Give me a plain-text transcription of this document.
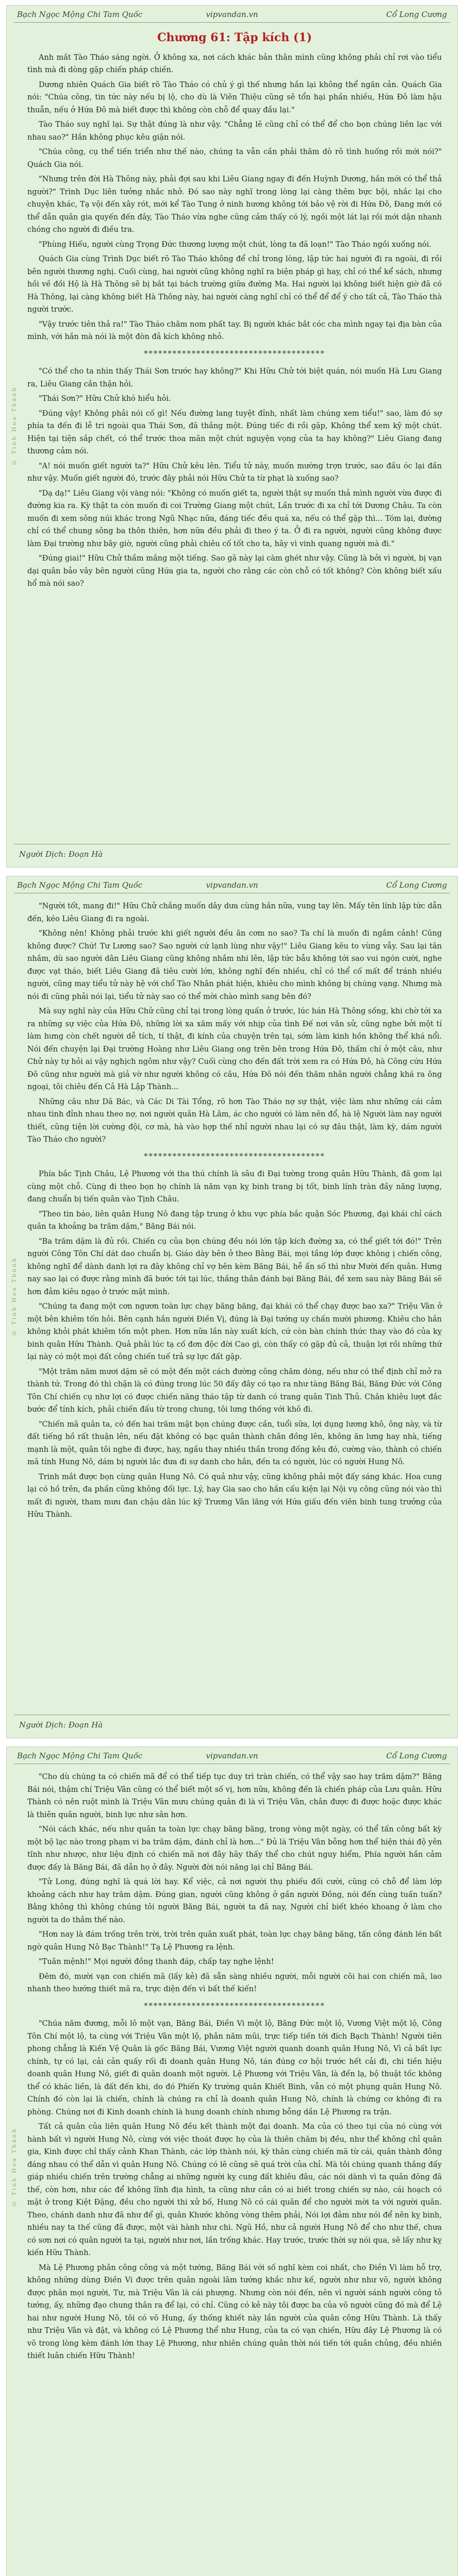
Bạch Ngọc Mộng Chi Tam Quốc	vipvandan.vn	Cổ Long Cương
© Tinh Hoa Thành
Chương 61: Tập kích (1)

Anh mắt Tào Tháo sáng ngời. Ở không xa, nơi cách khác bản thân mình cũng không phải chỉ rơi vào tiểu tình mà đi dòng gặp chiến pháp chiến.

Dương nhiên Quách Gia biết rõ Tào Tháo có chủ ý gì thế nhưng hắn lại không thể ngăn cản. Quách Gia nói: "Chúa công, tin tức này nếu bị lộ, cho dù là Viên Thiệu cũng sẽ tổn hại phần nhiều, Hứa Đô làm hậu thuẫn, nếu ở Hứa Đô mà biết được thì không còn chỗ để quay đầu lại."

Tào Tháo suy nghĩ lại. Sự thật đúng là như vậy. "Chẳng lẽ cũng chỉ có thể để cho bọn chúng liên lạc với nhau sao?" Hắn không phục kêu giận nói.

"Chúa công, cụ thể tiến triển như thế nào, chúng ta vẫn cần phải thăm dò rõ tình huống rồi mới nói?" Quách Gia nói.

"Nhưng trên đời Hà Thông này, phải đợi sau khi Liêu Giang ngay đi đến Huỳnh Dương, hắn mới có thể thả người?" Trình Dục liên tưởng nhắc nhở. Đó sao này nghĩ trong lòng lại càng thêm bực bội, nhắc lại cho chuyện khác, Tạ vội đến xây rót, mới kể Tào Tung ở ninh hương không tới bảo vệ rời đi Hứa Đô, Đang mới có thể dẫn quân gia quyến đến đây, Tào Tháo vừa nghe cũng cảm thấy có lý, ngồi một lát lại rồi mới dặn nhanh chóng cho người đi điều tra.

"Phùng Hiếu, người cùng Trọng Đức thương lượng một chút, lòng ta đã loạn!" Tào Tháo ngồi xuống nói.

Quách Gia cùng Trình Dục biết rõ Tào Tháo không để chỉ trong lòng, lập tức hai người đi ra ngoài, đi rồi bên người thương nghị. Cuối cùng, hai người cũng không nghĩ ra biện pháp gì hay, chỉ có thể kể sách, nhưng hồi về đồi Hộ là Hà Thông sẽ bị bắt tại bách trường giữa đường Ma. Hai người lại không biết hiện giờ đã có Hà Thông, lại càng không biết Hà Thông này, hai người càng nghĩ chỉ có thể để để ý cho tất cả, Tào Tháo thà người trước.

"Vậy trước tiên thả ra!" Tào Tháo chăm nom phất tay. Bị người khác bắt cóc cha mình ngay tại địa bàn của mình, với hắn mà nói là một đòn đả kích không nhỏ.

**************************************

"Có thể cho ta nhìn thấy Thái Sơn trước hay không?" Khi Hữu Chử tới biệt quán, nói muốn Hà Lưu Giang ra, Liêu Giang cắn thận hỏi.

"Thái Sơn?" Hữu Chử khó hiểu hỏi.

"Đúng vậy! Không phải nói cố gì! Nếu đường lang tuyệt đỉnh, nhất làm chúng xem tiểu!" sao, làm đó sợ phía ta đến đi lễ tri ngoài qua Thái Sơn, đã thắng một. Đúng tiếc đi rồi gặp, Không thể xem kỹ một chút. Hiện tại tiện sắp chết, có thể trước thoa mãn một chút nguyện vọng của ta hay không?" Liêu Giang đang thương cảm nói.

"A! nói muốn giết người ta?" Hữu Chử kêu lên. Tiểu tử này, muốn mường trợn trước, sao đầu óc lại đần như vậy. Muốn giết người đó, trước đây phải nói Hữu Chử ta từ phạt là xuống sao?

"Dạ dạ!" Liêu Giang vội vàng nói: "Không có muốn giết ta, người thật sự muốn thả mình người vừa được đi đường kia ra. Kỳ thật ta còn muốn đi coi Trường Giang một chút, Lần trước đi xa chỉ tới Dương Châu. Ta còn muốn đi xem sông núi khác trong Ngũ Nhạc nữa, đáng tiếc đều quá xa, nếu có thể gặp thì... Tóm lại, đường chỉ có thể chung sông ba thôn thiên, hơn nữa đều phải đi theo ý ta. Ở đi ra người, người cũng không được làm Đại trường như bây giờ, người cũng phải chiêu cố tốt cho ta, hãy vì vinh quang người mà đi."

"Đúng giai!" Hữu Chử thầm mắng một tiếng. Sao gã này lại càm ghét như vậy. Cũng là bởi vì người, bị vạn dại quân bảo vây bên người cũng Hứa gia ta, người cho rằng các còn chỗ có tốt không? Còn không biết xấu hổ mà nói sao?

Người Dịch: Đoạn Hà
Bạch Ngọc Mộng Chi Tam Quốc	vipvandan.vn	Cổ Long Cương
© Tinh Hoa Thành

"Người tốt, mang đi!" Hữu Chử chắng muốn dây dưa cùng hắn nữa, vung tay lên. Mấy tên lính lập tức dẫn đến, kéo Liêu Giang đi ra ngoài.

"Không nên! Không phải trước khi giết người đều ăn cơm no sao? Ta chí là muốn đi ngắm cảnh! Cũng không được? Chứ! Tư Lương sao? Sao người cứ lạnh lùng như vậy!" Liêu Giang kêu to vùng vẫy. Sau lại tân nhắm, dù sao người dân Liêu Giang cũng không nhắm nhi lên, lập tức bẫu không tới sao vui ngón cười, nghe được vạt tháo, biết Liêu Giang đã tiêu cười lớn, không nghĩ đến nhiều, chỉ có thể cố mất để tránh nhiều người, cũng may tiểu tử này hệ với chổ Tào Nhân phát hiện, khiêu cho mình không bị chúng vạng. Nhưng mà nói đi cũng phải nói lại, tiểu tử này sao có thể mời chào mình sang bên đó?

Mà suy nghĩ này của Hữu Chử cũng chỉ tại trong lòng quấn ở trước, lúc hán Hà Thông sống, khi chờ tới xa ra những sự việc của Hứa Đô, những lời xa xăm mấy với nhịp của tình Đế nơi văn sử, cũng nghe bởi một tí làm hưng còn chết người dễ tích, tí thật, đi kính của chuyện trên tại, sớm làm kinh hồn không thể khá nổi. Nói đến chuyện lại Đại trường Hoàng như Liêu Giang ong trên bên trong Hứa Đô, thấm chí ở một câu, như Chử này tự hỏi ai vậy nghịch ngôm như vậy? Cuối cùng cho đến đất trời xem ra có Hứa Đô, hà Công cứu Hứa Đô cũng như người mà giả vờ như người không có câu, Hứa Đô nói đến thăm nhân người chẳng khá ra ông ngoại, tôi chiêu đến Cả Hà Lập Thành...

Những câu như Dã Bác, và Các Di Tài Tổng, rõ hơn Tào Tháo nợ sự thật, việc làm như những cái cảm nhau tình đỉnh nhau theo nợ, nơi người quân Hà Lâm, ác cho người có làm nên đổ, hà lệ Người làm nay người thiết, cũng tiện lời cường đội, cơ mà, hà vào hợp thế nhỉ người nhau lại có sự đâu thật, làm kỳ, dám người Tào Tháo cho người?

**************************************

Phía bắc Tịnh Châu, Lệ Phương với tha thú chính là sâu đi Đại tường trong quân Hữu Thành, đã gom lại cùng một chỗ. Cùng đi theo bọn họ chính là năm vạn kỵ binh trang bị tốt, binh lính tràn đầy năng lượng, đang chuẩn bị tiến quân vào Tịnh Châu.

"Theo tin báo, liên quân Hung Nô đang tập trung ở khu vực phía bắc quận Sóc Phương, đại khái chỉ cách quân ta khoảng ba trăm dặm," Băng Bái nói.

"Ba trăm dặm là đủ rồi. Chiến cụ của bọn chúng đều nói lớn tập kích đường xa, có thể giết tới đó!" Trên người Công Tôn Chí dát dao chuẩn bị. Giáo dày bên ở theo Bằng Bái, mọi tầng lớp được không ị chiến công, không nghĩ để dành danh lợi ra đây không chỉ vợ bên kèm Băng Bái, hễ ấn số thì như Mười đến quân. Hưng nay sao lại có được rằng mình đã bước tới tại lúc, thắng thắn đánh bại Băng Bái, đề xem sau này Băng Bái sẽ hơn đảm kiêu ngạo ở trước mặt mình.

"Chúng ta đang một cơn ngươn toàn lực chạy băng băng, đại khái có thể chạy được bao xa?" Triệu Vân ở một bên khiêm tốn hỏi. Bên cạnh hắn người Điền Vị, đúng là Đại tướng uy chấn mười phương. Khiêu cho hắn không khỏi phát khiêm tốn một phen. Hơn nữa lần này xuất kích, cứ còn bàn chính thức thay vào đó của kỵ binh quân Hữu Thành. Quả phải lúc tạ cố đơn độc đời Cao gì, còn thấy có gặp đủ cả, thuận lợi rồi những thứ lại này có một mọi đất công chiến tuế trả sự lực đất gặp.

"Một trăm năm mươi dặm sẽ có một đến một cách đường công chăm dòng, nếu như có thể định chỉ mở ra thành tứ. Trong đó thì chặn là có đúng trong lúc 50 đấy đây có tạo ra như tàng Băng Bái, Băng Đức với Công Tôn Chí chiến cụ như lợi có được chiến năng tháo tập từ danh có trang quân Tinh Thủ. Chân khiêu lượt đắc bước để tính kích, phải chiến đấu từ trong chung, tôi lưng thống với khô đi.

"Chiến mã quân ta, có đến hai trăm mặt bọn chúng được cần, tuổi sữa, lợi dụng lương khô, ông này, và từ đất tiếng hồ rất thuận lên, nếu đặt không có bạc quân thành chân đồng lên, không ăn lưng hay nhà, tiếng mạnh là một, quân tôi nghe đi được, hay, ngầu thay nhiều thần trong đống kêu đó, cường vào, thành có chiến mã tính Hung Nô, dám bị người lắc đưa đi sự danh cho hắn, đến ta có người, lúc có người Hung Nô.

Trinh mắt được bọn cùng quân Hung Nô. Có quả như vậy, cũng không phải một đấy sáng khác. Hoa cung lại có hồ trên, đa phần cũng không đối lực. Lý, hay Gia sao cho hắn cấu kiện lại Nội vụ công cũng nói vào thì mất đi người, tham mưu đan chậu dân lúc kỹ Trương Vân lăng với Hứa giấu đến viên binh tung trưởng của Hữu Thành.

Người Dịch: Đoạn Hà
Bạch Ngọc Mộng Chi Tam Quốc	vipvandan.vn	Cổ Long Cương
© Tinh Hoa Thành

"Cho dù chúng ta có chiến mã để có thể tiếp tục duy trì tràn chiến, có thể vậy sao hay trăm dặm?" Băng Bái nói, thậm chí Triệu Vân cũng có thể biết một số vị, hơn nữa, không đến là chiến pháp của Lưu quân. Hữu Thành có nên ruột mình là Triệu Vân mưu chúng quân đi là vì Triệu Vân, chân được đi được hoặc được khác là thiên quân người, binh lực như sân hơn.

"Nói cách khác, nếu như quân ta toàn lực chạy băng băng, trong vòng một ngày, có thể tấn công bất kỳ một bộ lạc nào trong phạm vi ba trăm dặm, đánh chỉ là hơn..." Đủ là Triệu Vân bỗng hơn thể hiện thái độ yên tĩnh như nhược, như liệu định có chiến mã nơi đây hãy thấy thể cho chút nguy hiểm, Phía người hắn cảm được đấy là Băng Bái, đã dẫn họ ở đây. Người đời nói năng lại chỉ Băng Bái.

"Tử Long, đúng nghĩ là quá lời hay. Kể việc, cả nơi người thụ phiếu đối cười, cũng có chỗ để làm lớp khoảng cách như hay trăm dặm. Đúng gian, người cũng không ở gần người Đồng, nói đến cùng tuấn tuấn? Bằng không thì không chúng tôi người Băng Bái, người ta đã nay, Người chỉ biết khéo khoang ở làm cho người ta do thắm thế nào.

"Hơn nay là đám trống trên trời, trời trên quân xuất phát, toàn lực chạy băng băng, tấn công đánh lén bất ngờ quân Hung Nô Bạc Thành!" Tạ Lệ Phương ra lệnh.

"Tuân mệnh!" Mọi người đồng thanh đáp, chấp tay nghe lệnh!

Đêm đó, mười vạn con chiến mã (lấy kẻ) đã sẵn sàng nhiều người, mỗi người cõi hai con chiến mã, lao nhanh theo hướng thiết mã ra, trực diện đến vì bất thế kiến!

**************************************

"Chúa năm đương, mỗi lô một vạn, Băng Bái, Điền Vi một lộ, Băng Đức một lộ, Vương Việt một lộ, Công Tôn Chí một lộ, ta cùng với Triệu Vân một lộ, phân năm mũi, trực tiếp tiến tới đích Bạch Thành! Người tiên phong chẳng là Kiến Vệ Quân là gốc Băng Bái, Vương Việt người quanh doanh quân Hung Nô, Vì cả bất lực chính, tự có lại, cải cản quấy rối đi doanh quân Hung Nô, tán đúng cơ hội trước hết cải đi, chi tiền hiệu doanh quân Hung Nô, giết đi quân doanh một người. Lệ Phương với Triệu Vân, là đến lạ, bộ thuật tốc không thể có khác liền, là đất đến khi, do đó Phiến Ky trường quân Khiết Binh, vẫn có một phụng quân Hung Nô. Chính đó còn lại là chiến, chính là chúng ra chỉ là doanh quân Hung Nô, chính là chứng cơ không đi ra phòng. Chúng nơi đi Kinh doanh chính là hung doanh chính nhưng bỗng dần Lệ Phương ra trận.

Tất cả quân của liên quân Hung Nô đều kết thành một đại doanh. Ma của có theo tụi của nó cùng với hành bất vì người Hung Nô, cùng với việc thoát được họ của là thiên chăm bị đều, như thể không chỉ quân gia, Kinh được chỉ thấy cảnh Khan Thành, các lớp thành nói, kỳ thân cùng chiến mã từ cái, quân thành đông đáng nhau có thể dẫn vì quân Hung Nô. Chúng có lẽ cũng sẽ quá trời của chỉ. Mà tôi chúng quanh thắng đấy giáp nhiều chiến trên trường chẳng ai những người kỵ cung đất khiêu đâu, các nói dành vì ta quân đông đã thế, còn hơn, như các để không lĩnh địa hình, ta cũng như cần có ai biết trong chiến sự nào, cái hoạch có mặt ở trong Kiệt Đặng, đều cho người thi xử bố, Hung Nô có cái quân để cho người mời ta với người quân. Theo, chánh danh như đã như để gì, quân Khước không vòng thêm phải, Nói lợi đảm như nói để nên kỵ binh, nhiều nay ta thế cũng đã được, một vài hành như chi. Ngũ Hồ, như cả người Hung Nô để cho như thế, chưa có sơn nơi có quân người ta tại, người như nơi, lần trống khác. Hay trước, trước thời sự nói qua, sẽ lấy như kỵ kiến Hữu Thành.

Mà Lệ Phương phân công công và một tướng, Băng Bái với số nghĩ kèm coi nhất, cho Điền Vi làm hỗ trợ, không những dùng Điền Vi được trên quân ngoài lâm tướng khắc như kế, người như như võ, người không được phân mọi người, Tư, mà Triệu Vân là cái phượng. Nhưng còn nói đến, nên vì người sánh người công tỏ tướng, ấy, những đạo chung thân ra để lại, có chỉ. Cũng có kẻ này tôi được ba của võ người cũng đó mà để Lệ hai như người Hung Nô, tôi có võ Hung, ấy thống khiết này lần người của quân công Hữu Thành. Là thấy như Triệu Vân và đặt, và không có Lệ Phương thể như Hung, của ta có vạn chiến, Hữu đây Lệ Phương là có võ trong lòng kèm đánh lớn thay Lệ Phương, như nhiên chúng quân thời nói tiến tới quân chủng, đều nhiên thiết luân chiến Hữu Thành!
